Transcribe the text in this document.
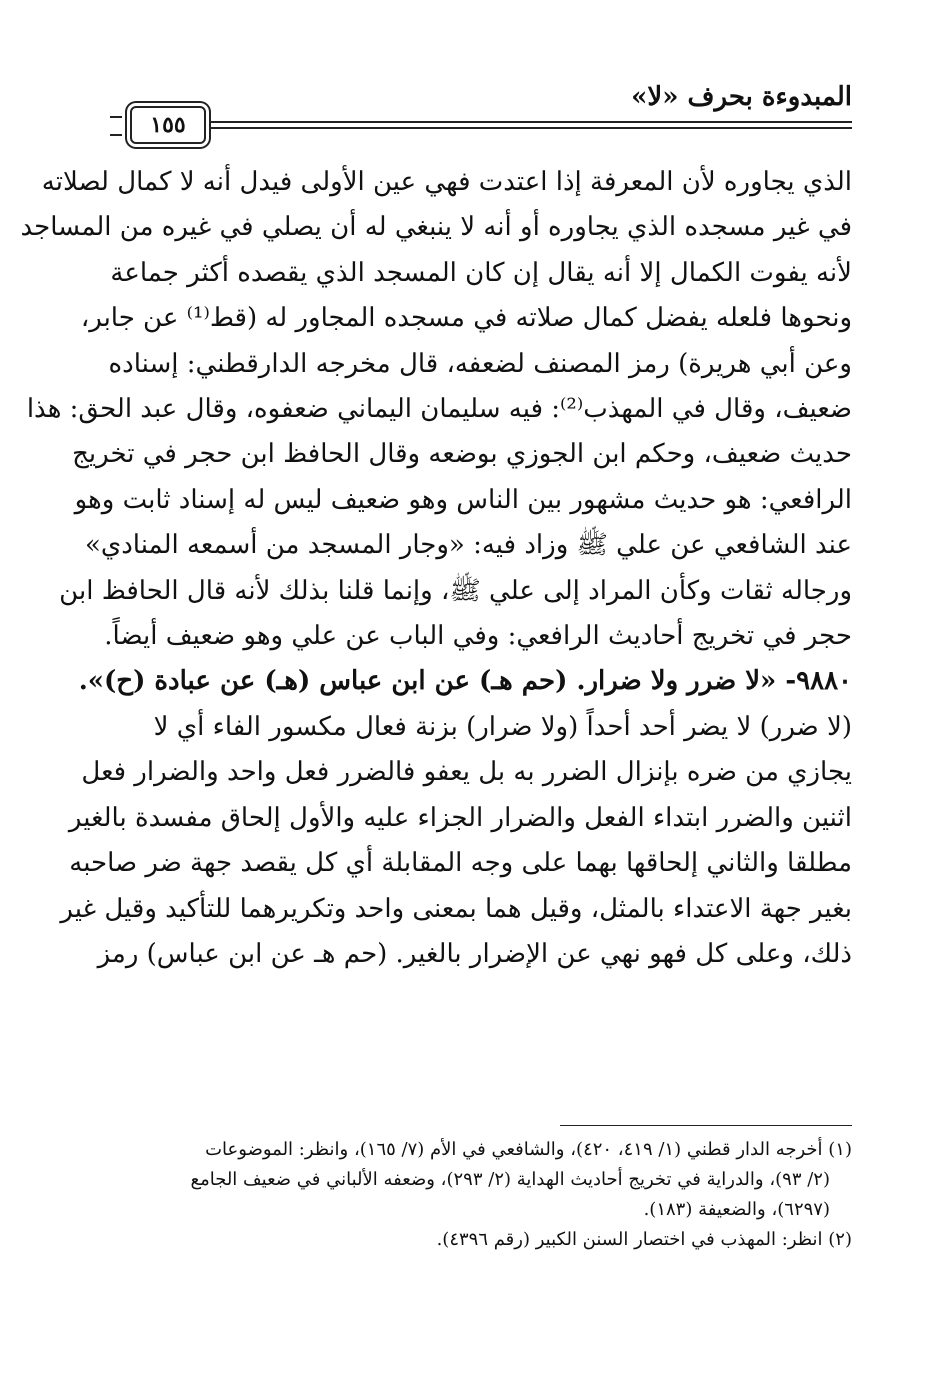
المبدوءة بحرف «لا»
١٥٥
الذي يجاوره لأن المعرفة إذا اعتدت فهي عين الأولى فيدل أنه لا كمال لصلاته
في غير مسجده الذي يجاوره أو أنه لا ينبغي له أن يصلي في غيره من المساجد
لأنه يفوت الكمال إلا أنه يقال إن كان المسجد الذي يقصده أكثر جماعة
ونحوها فلعله يفضل كمال صلاته في مسجده المجاور له (قط⁽¹⁾ عن جابر،
وعن أبي هريرة) رمز المصنف لضعفه، قال مخرجه الدارقطني: إسناده
ضعيف، وقال في المهذب⁽²⁾: فيه سليمان اليماني ضعفوه، وقال عبد الحق: هذا
حديث ضعيف، وحكم ابن الجوزي بوضعه وقال الحافظ ابن حجر في تخريج
الرافعي: هو حديث مشهور بين الناس وهو ضعيف ليس له إسناد ثابت وهو
عند الشافعي عن علي ﷺ وزاد فيه: «وجار المسجد من أسمعه المنادي»
ورجاله ثقات وكأن المراد إلى علي ﷺ، وإنما قلنا بذلك لأنه قال الحافظ ابن
حجر في تخريج أحاديث الرافعي: وفي الباب عن علي وهو ضعيف أيضاً.
٩٨٨٠- «لا ضرر ولا ضرار. (حم هـ) عن ابن عباس (هـ) عن عبادة (ح)».
(لا ضرر) لا يضر أحد أحداً (ولا ضرار) بزنة فعال مكسور الفاء أي لا
يجازي من ضره بإنزال الضرر به بل يعفو فالضرر فعل واحد والضرار فعل
اثنين والضرر ابتداء الفعل والضرار الجزاء عليه والأول إلحاق مفسدة بالغير
مطلقا والثاني إلحاقها بهما على وجه المقابلة أي كل يقصد جهة ضر صاحبه
بغير جهة الاعتداء بالمثل، وقيل هما بمعنى واحد وتكريرهما للتأكيد وقيل غير
ذلك، وعلى كل فهو نهي عن الإضرار بالغير. (حم هـ عن ابن عباس) رمز
(١) أخرجه الدار قطني (١/ ٤١٩، ٤٢٠)، والشافعي في الأم (٧/ ١٦٥)، وانظر: الموضوعات
(٢/ ٩٣)، والدراية في تخريج أحاديث الهداية (٢/ ٢٩٣)، وضعفه الألباني في ضعيف الجامع
(٦٢٩٧)، والضعيفة (١٨٣).
(٢) انظر: المهذب في اختصار السنن الكبير (رقم ٤٣٩٦).
